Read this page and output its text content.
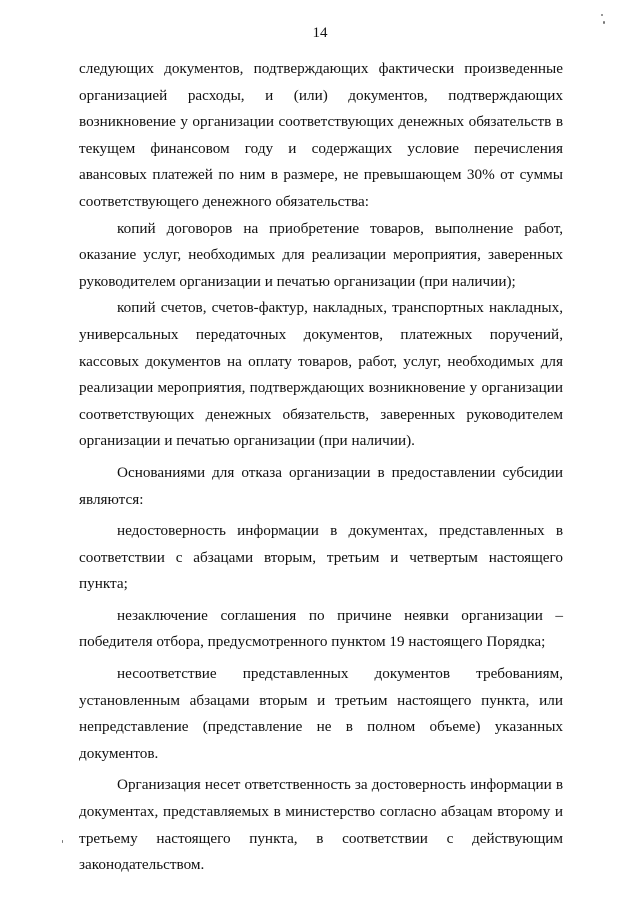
14

следующих документов, подтверждающих фактически произведенные организацией расходы, и (или) документов, подтверждающих возникновение у организации соответствующих денежных обязательств в текущем финансовом году и содержащих условие перечисления авансовых платежей по ним в размере, не превышающем 30% от суммы соответствующего денежного обязательства:

копий договоров на приобретение товаров, выполнение работ, оказание услуг, необходимых для реализации мероприятия, заверенных руководителем организации и печатью организации (при наличии);

копий счетов, счетов-фактур, накладных, транспортных накладных, универсальных передаточных документов, платежных поручений, кассовых документов на оплату товаров, работ, услуг, необходимых для реализации мероприятия, подтверждающих возникновение у организации соответствующих денежных обязательств, заверенных руководителем организации и печатью организации (при наличии).

Основаниями для отказа организации в предоставлении субсидии являются:

недостоверность информации в документах, представленных в соответствии с абзацами вторым, третьим и четвертым настоящего пункта;

незаключение соглашения по причине неявки организации – победителя отбора, предусмотренного пунктом 19 настоящего Порядка;

несоответствие представленных документов требованиям, установленным абзацами вторым и третьим настоящего пункта, или непредставление (представление не в полном объеме) указанных документов.

Организация несет ответственность за достоверность информации в документах, представляемых в министерство согласно абзацам второму и третьему настоящего пункта, в соответствии с действующим законодательством.
